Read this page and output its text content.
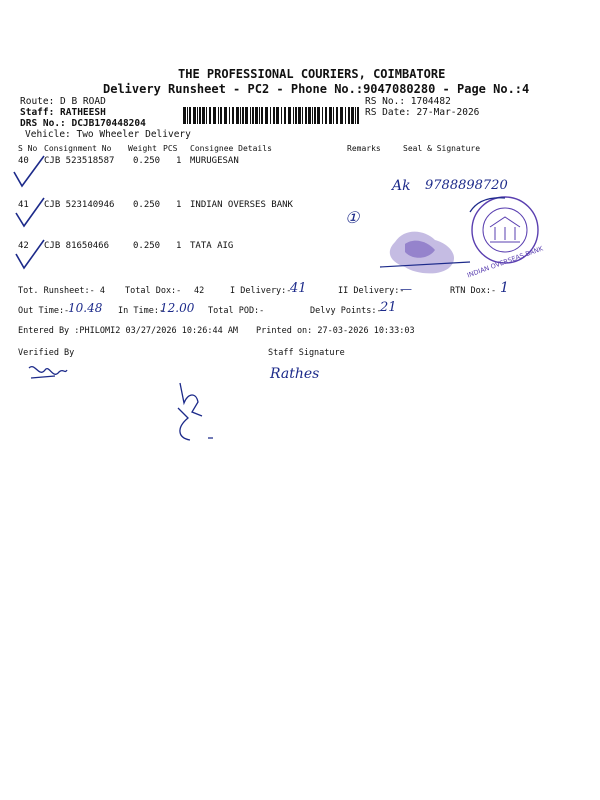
THE PROFESSIONAL COURIERS, COIMBATORE
Delivery Runsheet - PC2 - Phone No.:9047080280 - Page No.:4
Route: D B ROAD
Staff: RATHEESH
DRS No.: DCJB170448204
Vehicle: Two Wheeler Delivery
RS No.: 1704482
RS Date: 27-Mar-2026
S No Consignment No Weight PCS Consignee Details	Remarks	Seal & Signature
40 CJB 523518587 0.250 1 MURUGESAN
41 CJB 523140946 0.250 1 INDIAN OVERSES BANK
42 CJB 81650466	0.250 1 TATA AIG
①
Ak 9788898720
INDIAN OVERSEAS BANK
Tot. Runsheet:- 4 Total Dox:- 42	I Delivery:-
41	II Delivery:-
—	RTN Dox:- 1
Out Time:-
10.48 In Time:-
12.00 Total POD:-	Delvy Points:-
21
Entered By :PHILOMI2 03/27/2026 10:26:44 AM Printed on: 27-03-2026 10:33:03
Verified By	Staff Signature
Rathes
